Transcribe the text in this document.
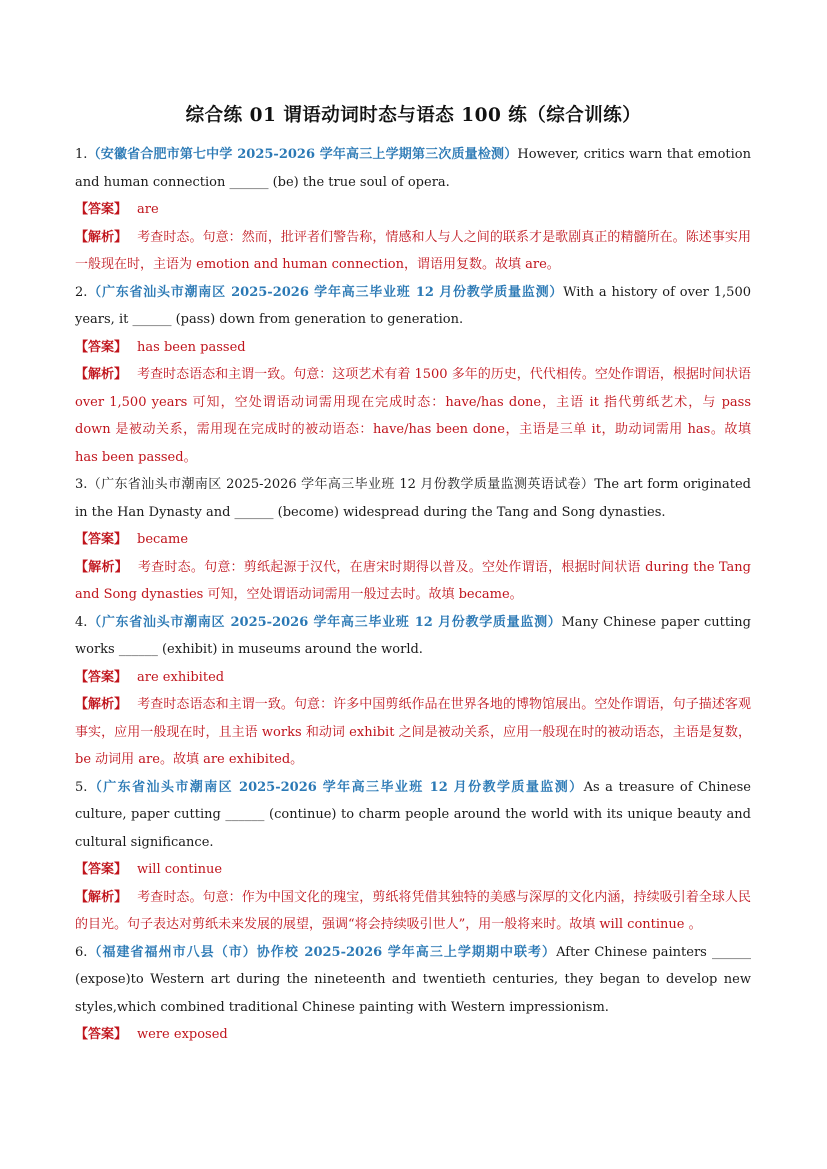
综合练 01 谓语动词时态与语态 100 练（综合训练）

1.（安徽省合肥市第七中学 2025-2026 学年高三上学期第三次质量检测）However, critics warn that emotion and human connection ______ (be) the true soul of opera.

【答案】 are

【解析】 考查时态。句意：然而，批评者们警告称，情感和人与人之间的联系才是歌剧真正的精髓所在。陈述事实用一般现在时，主语为 emotion and human connection，谓语用复数。故填 are。

2.（广东省汕头市潮南区 2025-2026 学年高三毕业班 12 月份教学质量监测）With a history of over 1,500 years, it ______ (pass) down from generation to generation.

【答案】 has been passed

【解析】 考查时态语态和主谓一致。句意：这项艺术有着 1500 多年的历史，代代相传。空处作谓语，根据时间状语 over 1,500 years 可知，空处谓语动词需用现在完成时态：have/has done，主语 it 指代剪纸艺术，与 pass down 是被动关系，需用现在完成时的被动语态：have/has been done，主语是三单 it，助动词需用 has。故填 has been passed。

3.（广东省汕头市潮南区 2025-2026 学年高三毕业班 12 月份教学质量监测英语试卷）The art form originated in the Han Dynasty and ______ (become) widespread during the Tang and Song dynasties.

【答案】 became

【解析】 考查时态。句意：剪纸起源于汉代，在唐宋时期得以普及。空处作谓语，根据时间状语 during the Tang and Song dynasties 可知，空处谓语动词需用一般过去时。故填 became。

4.（广东省汕头市潮南区 2025-2026 学年高三毕业班 12 月份教学质量监测）Many Chinese paper cutting works ______ (exhibit) in museums around the world.

【答案】 are exhibited

【解析】 考查时态语态和主谓一致。句意：许多中国剪纸作品在世界各地的博物馆展出。空处作谓语，句子描述客观事实，应用一般现在时，且主语 works 和动词 exhibit 之间是被动关系，应用一般现在时的被动语态，主语是复数，be 动词用 are。故填 are exhibited。

5.（广东省汕头市潮南区 2025-2026 学年高三毕业班 12 月份教学质量监测）As a treasure of Chinese culture, paper cutting ______ (continue) to charm people around the world with its unique beauty and cultural significance.

【答案】 will continue

【解析】 考查时态。句意：作为中国文化的瑰宝，剪纸将凭借其独特的美感与深厚的文化内涵，持续吸引着全球人民的目光。句子表达对剪纸未来发展的展望，强调“将会持续吸引世人”，用一般将来时。故填 will continue 。

6.（福建省福州市八县（市）协作校 2025-2026 学年高三上学期期中联考）After Chinese painters ______ (expose)to Western art during the nineteenth and twentieth centuries, they began to develop new styles,which combined traditional Chinese painting with Western impressionism.

【答案】 were exposed
